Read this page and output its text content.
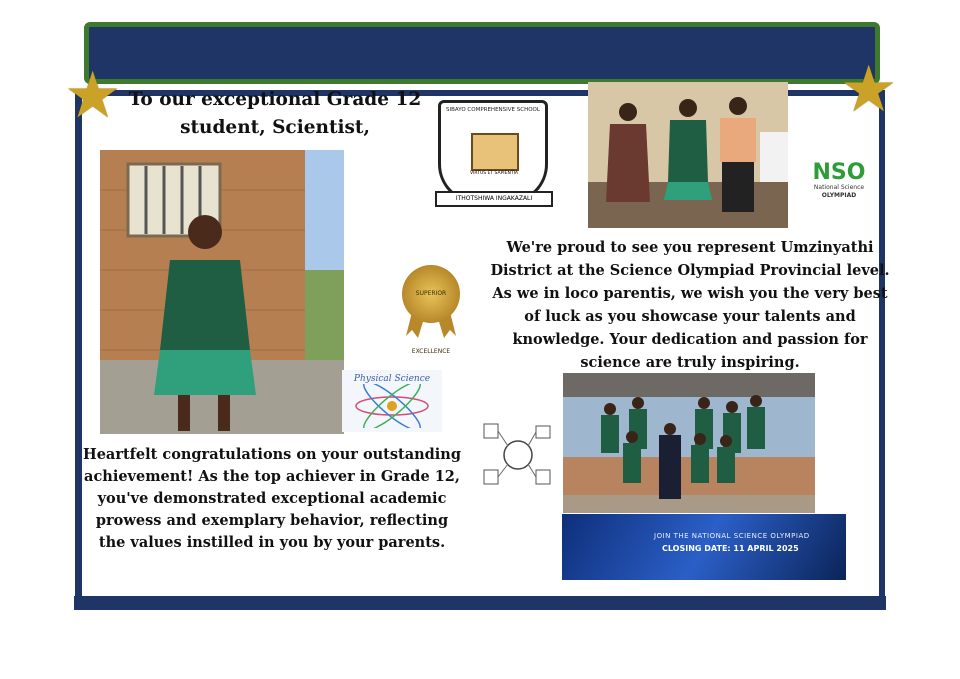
★	★
To our exceptional Grade 12 student, Scientist,
SIBAYO COMPREHENSIVE SCHOOL
VIRTUS ET SAPIENTIA
ITHOTSHIWA INGAKAZALI
SUPERIOR EXCELLENCE
Physical Science
Heartfelt congratulations on your outstanding achievement! As the top achiever in Grade 12, you've demonstrated exceptional academic prowess and exemplary behavior, reflecting the values instilled in you by your parents.
NSO
National Science
OLYMPIAD
We're proud to see you represent Umzinyathi District at the Science Olympiad Provincial level. As we in loco parentis, we wish you the very best of luck as you showcase your talents and knowledge. Your dedication and passion for science are truly inspiring.
JOIN THE NATIONAL SCIENCE OLYMPIAD
CLOSING DATE: 11 APRIL 2025
